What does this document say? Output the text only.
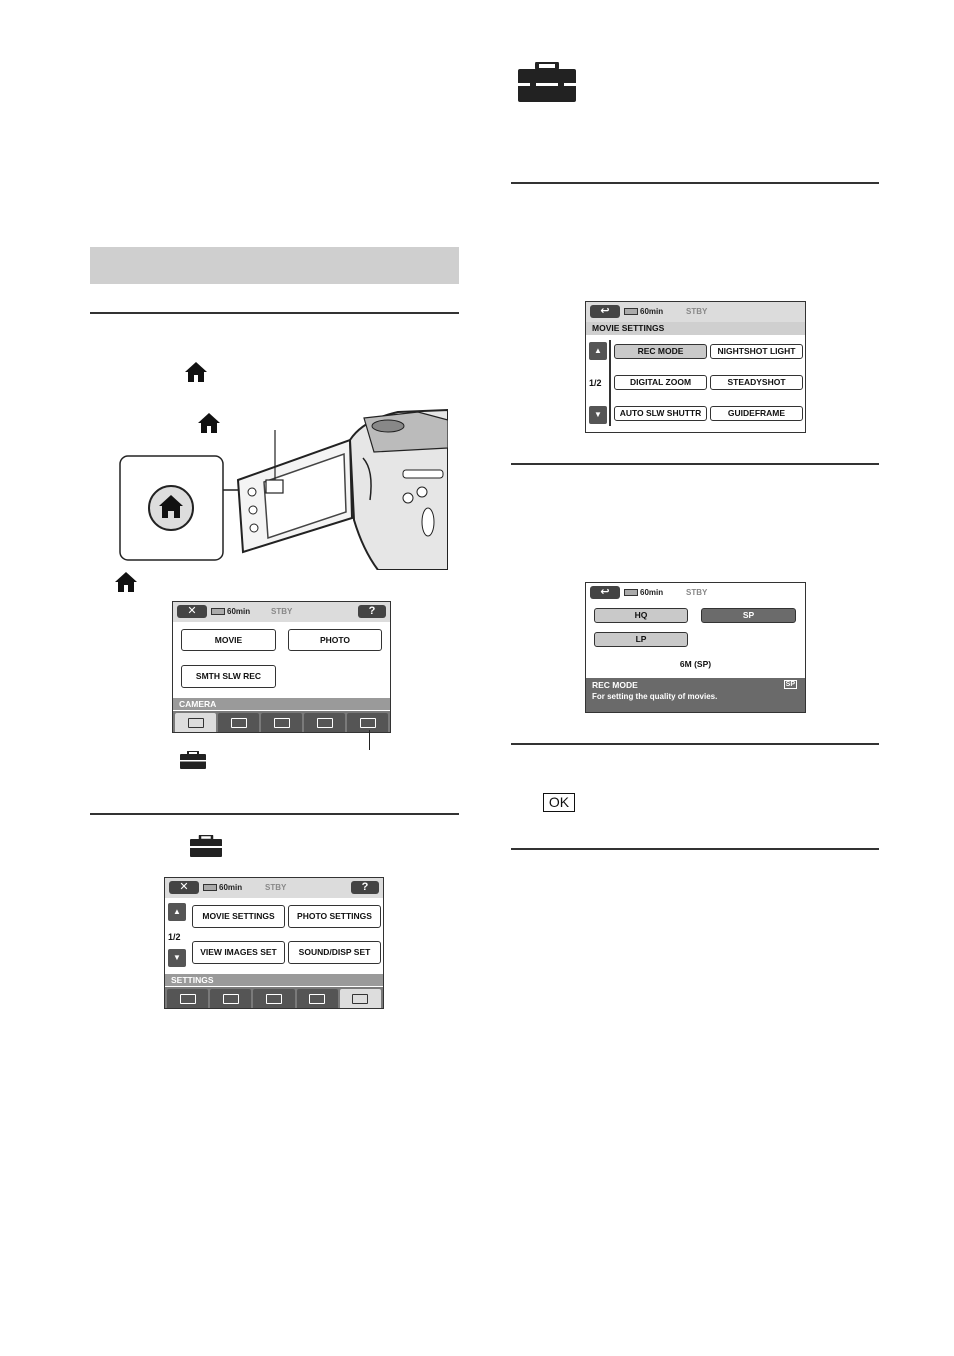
✕	60min	STBY	?
MOVIE	PHOTO
SMTH SLW REC
CAMERA
✕	60min	STBY	?
▲
1/2
▼
MOVIE SETTINGS	PHOTO SETTINGS
VIEW IMAGES SET	SOUND/DISP SET
SETTINGS
↩	60min	STBY
MOVIE SETTINGS
▲
1/2
▼
REC MODE	NIGHTSHOT LIGHT
DIGITAL ZOOM	STEADYSHOT
AUTO SLW SHUTTR	GUIDEFRAME
↩	60min	STBY
HQ	SP
LP
6M (SP)
REC MODE	SP
For setting the quality of movies.
OK
